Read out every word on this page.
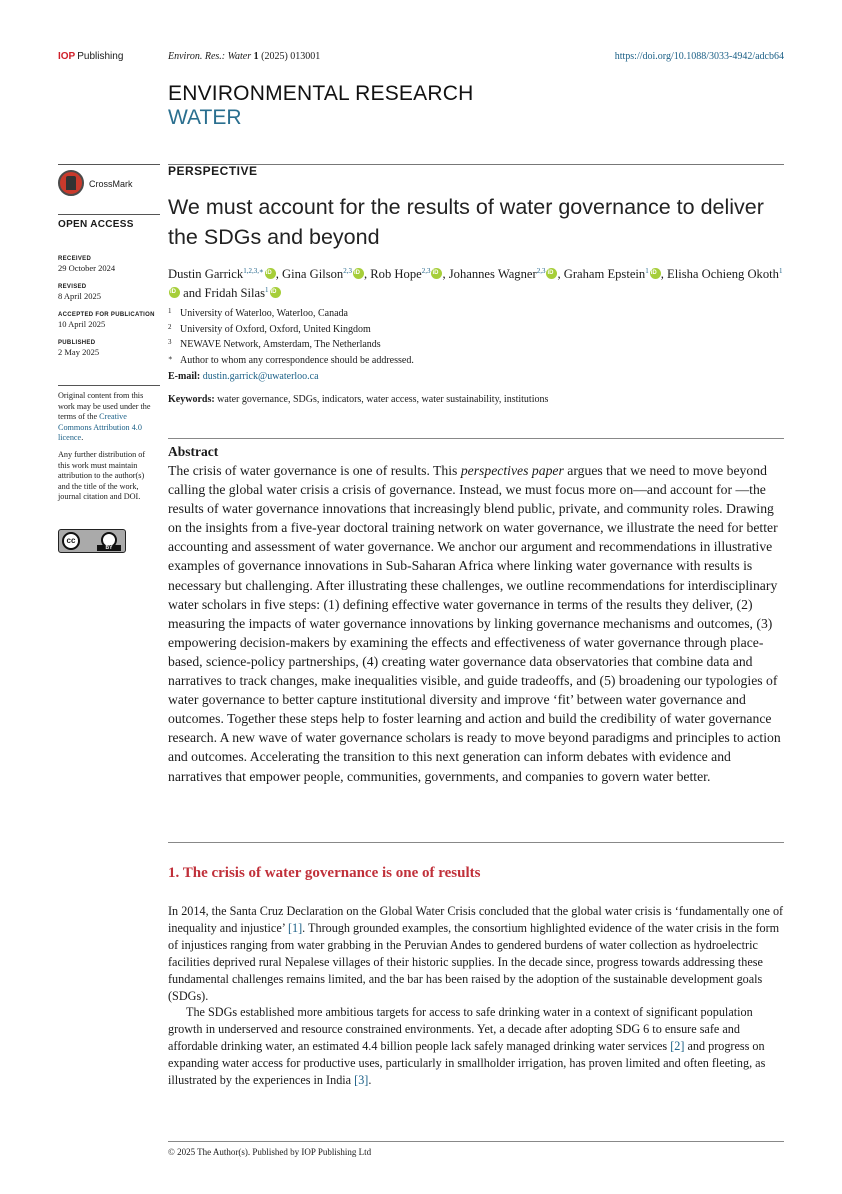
IOP Publishing	Environ. Res.: Water 1 (2025) 013001	https://doi.org/10.1088/3033-4942/adcb64
ENVIRONMENTAL RESEARCH
WATER
CrossMark
OPEN ACCESS
RECEIVED
29 October 2024
REVISED
8 April 2025
ACCEPTED FOR PUBLICATION
10 April 2025
PUBLISHED
2 May 2025

Original content from this work may be used under the terms of the Creative Commons Attribution 4.0 licence.

Any further distribution of this work must maintain attribution to the author(s) and the title of the work, journal citation and DOI.

cc
BY
PERSPECTIVE
We must account for the results of water governance to deliver the SDGs and beyond
Dustin Garrick$^{1,2,3,∗}$ iD , Gina Gilson$^{2,3}$ iD , Rob Hope$^{2,3}$ iD , Johannes Wagner$^{2,3}$ iD , Graham Epstein$^1$ iD , Elisha Ochieng Okoth$^1$iD and Fridah Silas$^1$iD
1 University of Waterloo, Waterloo, Canada
2 University of Oxford, Oxford, United Kingdom
3 NEWAVE Network, Amsterdam, The Netherlands
∗ Author to whom any correspondence should be addressed.
E-mail: dustin.garrick@uwaterloo.ca
Keywords: water governance, SDGs, indicators, water access, water sustainability, institutions
Abstract

The crisis of water governance is one of results. This perspectives paper argues that we need to move beyond calling the global water crisis a crisis of governance. Instead, we must focus more on—and account for —the results of water governance innovations that increasingly blend public, private, and community roles. Drawing on the insights from a five-year doctoral training network on water governance, we illustrate the need for better accounting and assessment of water governance. We anchor our argument and recommendations in illustrative examples of governance innovations in Sub-Saharan Africa where linking water governance with results is necessary but challenging. After illustrating these challenges, we outline recommendations for interdisciplinary water scholars in five steps: (1) defining effective water governance in terms of the results they deliver, (2) measuring the impacts of water governance innovations by linking governance mechanisms and outcomes, (3) empowering decision-makers by examining the effects and effectiveness of water governance through place-based, science-policy partnerships, (4) creating water governance data observatories that combine data and narratives to track changes, make inequalities visible, and guide tradeoffs, and (5) broadening our typologies of water governance to better capture institutional diversity and improve ‘fit’ between water governance and outcomes. Together these steps help to foster learning and action and build the credibility of water governance research. A new wave of water governance scholars is ready to move beyond paradigms and principles to action and outcomes. Accelerating the transition to this next generation can inform debates with evidence and narratives that empower people, communities, governments, and companies to govern water better.

1. The crisis of water governance is one of results

In 2014, the Santa Cruz Declaration on the Global Water Crisis concluded that the global water crisis is ‘fundamentally one of inequality and injustice’ [1]. Through grounded examples, the consortium highlighted evidence of the water crisis in the form of injustices ranging from water grabbing in the Peruvian Andes to gendered burdens of water collection as hydroelectric facilities deprived rural Nepalese villages of their historic supplies. In the decade since, progress towards addressing these fundamental challenges remains limited, and the bar has been raised by the adoption of the sustainable development goals (SDGs).

The SDGs established more ambitious targets for access to safe drinking water in a context of significant population growth in underserved and resource constrained environments. Yet, a decade after adopting SDG 6 to ensure safe and affordable drinking water, an estimated 4.4 billion people lack safely managed drinking water services [2] and progress on expanding water access for productive uses, particularly in smallholder irrigation, has proven limited and often fleeting, as illustrated by the experiences in India [3].

© 2025 The Author(s). Published by IOP Publishing Ltd
